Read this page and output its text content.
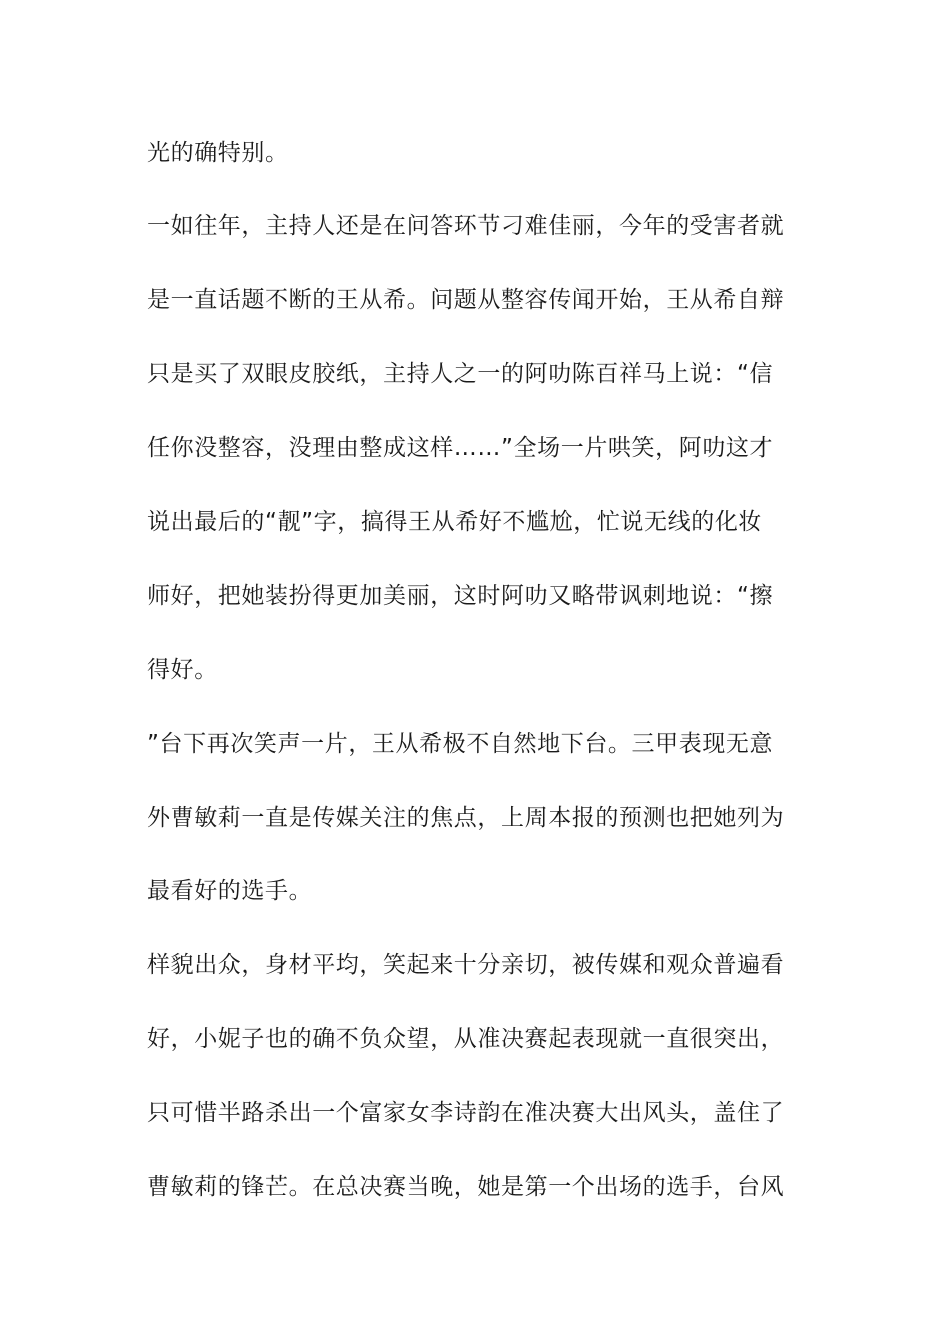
光的确特别。
一如往年，主持人还是在问答环节刁难佳丽，今年的受害者就
是一直话题不断的王从希。问题从整容传闻开始，王从希自辩
只是买了双眼皮胶纸，主持人之一的阿叻陈百祥马上说：“信
任你没整容，没理由整成这样……”全场一片哄笑，阿叻这才
说出最后的“靓”字，搞得王从希好不尴尬，忙说无线的化妆
师好，把她装扮得更加美丽，这时阿叻又略带讽刺地说：“擦
得好。
”台下再次笑声一片，王从希极不自然地下台。三甲表现无意
外曹敏莉一直是传媒关注的焦点，上周本报的预测也把她列为
最看好的选手。
样貌出众，身材平均，笑起来十分亲切，被传媒和观众普遍看
好，小妮子也的确不负众望，从准决赛起表现就一直很突出，
只可惜半路杀出一个富家女李诗韵在准决赛大出风头，盖住了
曹敏莉的锋芒。在总决赛当晚，她是第一个出场的选手，台风
